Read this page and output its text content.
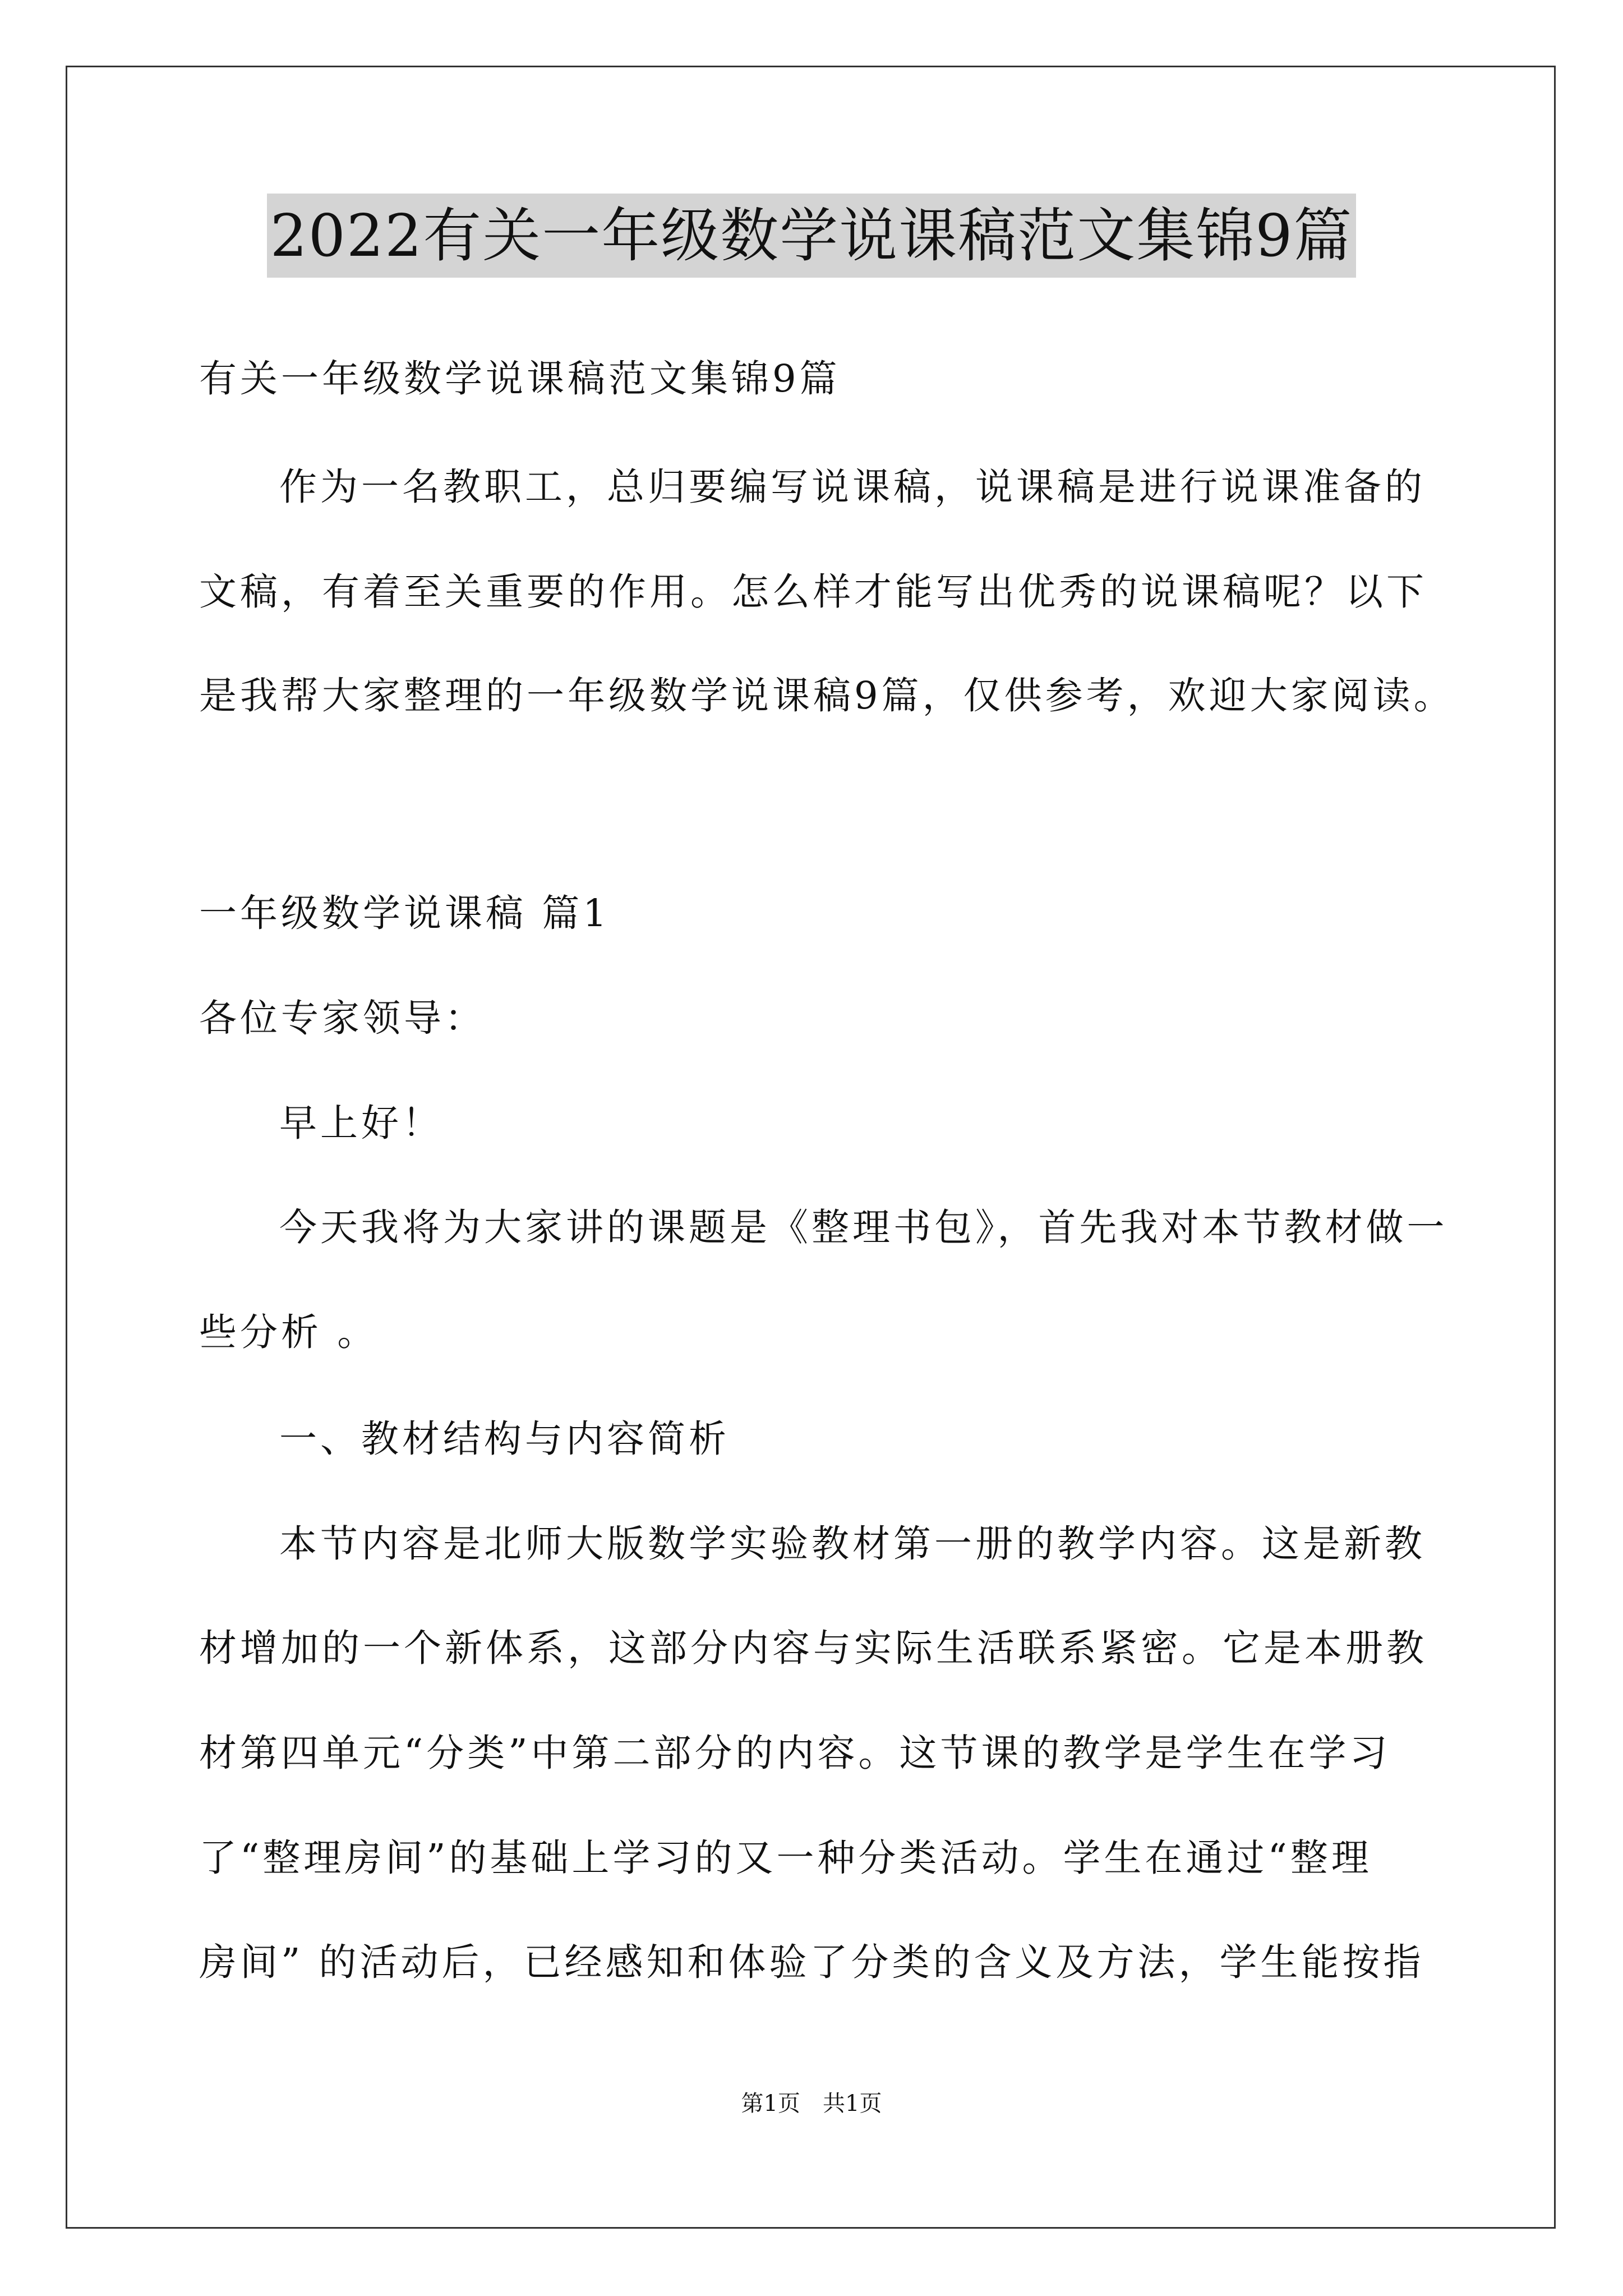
2022有关一年级数学说课稿范文集锦9篇
有关一年级数学说课稿范文集锦9篇
作为一名教职工，总归要编写说课稿，说课稿是进行说课准备的
文稿，有着至关重要的作用。怎么样才能写出优秀的说课稿呢？以下
是我帮大家整理的一年级数学说课稿9篇，仅供参考，欢迎大家阅读。
一年级数学说课稿 篇1
各位专家领导：
早上好！
今天我将为大家讲的课题是《整理书包》，首先我对本节教材做一
些分析 。
一、教材结构与内容简析
本节内容是北师大版数学实验教材第一册的教学内容。这是新教
材增加的一个新体系，这部分内容与实际生活联系紧密。它是本册教
材第四单元“分类”中第二部分的内容。这节课的教学是学生在学习
了“整理房间”的基础上学习的又一种分类活动。学生在通过“整理
房间” 的活动后，已经感知和体验了分类的含义及方法，学生能按指
第1页 共1页
